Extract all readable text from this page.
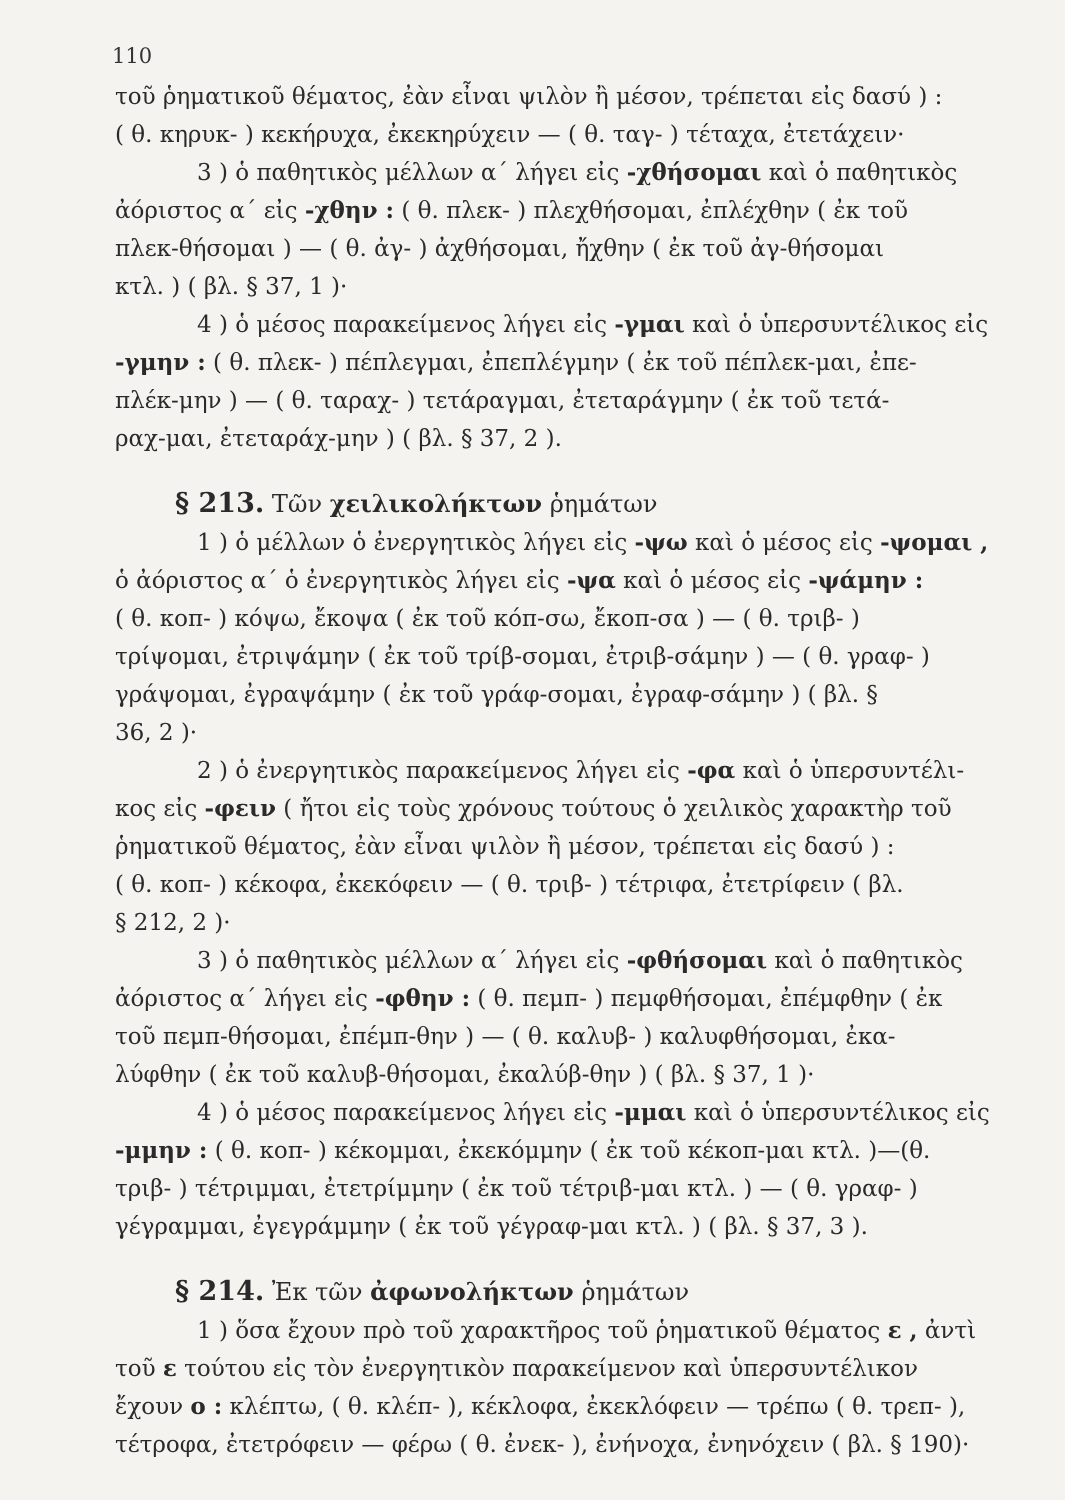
110
τοῦ ῥηματικοῦ θέματος, ἐὰν εἶναι ψιλὸν ἢ μέσον, τρέπεται εἰς δασύ ) :
( θ. κηρυκ- ) κεκήρυχα, ἐκεκηρύχειν — ( θ. ταγ- ) τέταχα, ἐτετάχειν·
3 ) ὁ παθητικὸς μέλλων α΄ λήγει εἰς -χθήσομαι καὶ ὁ παθητικὸς
ἀόριστος α΄ εἰς -χθην : ( θ. πλεκ- ) πλεχθήσομαι, ἐπλέχθην ( ἐκ τοῦ
πλεκ-θήσομαι ) — ( θ. ἀγ- ) ἀχθήσομαι, ἤχθην ( ἐκ τοῦ ἀγ-θήσομαι
κτλ. ) ( βλ. § 37, 1 )·
4 ) ὁ μέσος παρακείμενος λήγει εἰς -γμαι καὶ ὁ ὑπερσυντέλικος εἰς
-γμην : ( θ. πλεκ- ) πέπλεγμαι, ἐπεπλέγμην ( ἐκ τοῦ πέπλεκ-μαι, ἐπε-
πλέκ-μην ) — ( θ. ταραχ- ) τετάραγμαι, ἐτεταράγμην ( ἐκ τοῦ τετά-
ραχ-μαι, ἐτεταράχ-μην ) ( βλ. § 37, 2 ).
§ 213. Τῶν χειλικολήκτων ῥημάτων
1 ) ὁ μέλλων ὁ ἐνεργητικὸς λήγει εἰς -ψω καὶ ὁ μέσος εἰς -ψομαι ,
ὁ ἀόριστος α΄ ὁ ἐνεργητικὸς λήγει εἰς -ψα καὶ ὁ μέσος εἰς -ψάμην :
( θ. κοπ- ) κόψω, ἔκοψα ( ἐκ τοῦ κόπ-σω, ἔκοπ-σα ) — ( θ. τριβ- )
τρίψομαι, ἐτριψάμην ( ἐκ τοῦ τρίβ-σομαι, ἐτριβ-σάμην ) — ( θ. γραφ- )
γράψομαι, ἐγραψάμην ( ἐκ τοῦ γράφ-σομαι, ἐγραφ-σάμην ) ( βλ. §
36, 2 )·
2 ) ὁ ἐνεργητικὸς παρακείμενος λήγει εἰς -φα καὶ ὁ ὑπερσυντέλι-
κος εἰς -φειν ( ἤτοι εἰς τοὺς χρόνους τούτους ὁ χειλικὸς χαρακτὴρ τοῦ
ῥηματικοῦ θέματος, ἐὰν εἶναι ψιλὸν ἢ μέσον, τρέπεται εἰς δασύ ) :
( θ. κοπ- ) κέκοφα, ἐκεκόφειν — ( θ. τριβ- ) τέτριφα, ἐτετρίφειν ( βλ.
§ 212, 2 )·
3 ) ὁ παθητικὸς μέλλων α΄ λήγει εἰς -φθήσομαι καὶ ὁ παθητικὸς
ἀόριστος α΄ λήγει εἰς -φθην : ( θ. πεμπ- ) πεμφθήσομαι, ἐπέμφθην ( ἐκ
τοῦ πεμπ-θήσομαι, ἐπέμπ-θην ) — ( θ. καλυβ- ) καλυφθήσομαι, ἐκα-
λύφθην ( ἐκ τοῦ καλυβ-θήσομαι, ἐκαλύβ-θην ) ( βλ. § 37, 1 )·
4 ) ὁ μέσος παρακείμενος λήγει εἰς -μμαι καὶ ὁ ὑπερσυντέλικος εἰς
-μμην : ( θ. κοπ- ) κέκομμαι, ἐκεκόμμην ( ἐκ τοῦ κέκοπ-μαι κτλ. )—(θ.
τριβ- ) τέτριμμαι, ἐτετρίμμην ( ἐκ τοῦ τέτριβ-μαι κτλ. ) — ( θ. γραφ- )
γέγραμμαι, ἐγεγράμμην ( ἐκ τοῦ γέγραφ-μαι κτλ. ) ( βλ. § 37, 3 ).
§ 214. Ἐκ τῶν ἀφωνολήκτων ῥημάτων
1 ) ὅσα ἔχουν πρὸ τοῦ χαρακτῆρος τοῦ ῥηματικοῦ θέματος ε , ἀντὶ
τοῦ ε τούτου εἰς τὸν ἐνεργητικὸν παρακείμενον καὶ ὑπερσυντέλικον
ἔχουν ο : κλέπτω, ( θ. κλέπ- ), κέκλοφα, ἐκεκλόφειν — τρέπω ( θ. τρεπ- ),
τέτροφα, ἐτετρόφειν — φέρω ( θ. ἐνεκ- ), ἐνήνοχα, ἐνηνόχειν ( βλ. § 190)·
